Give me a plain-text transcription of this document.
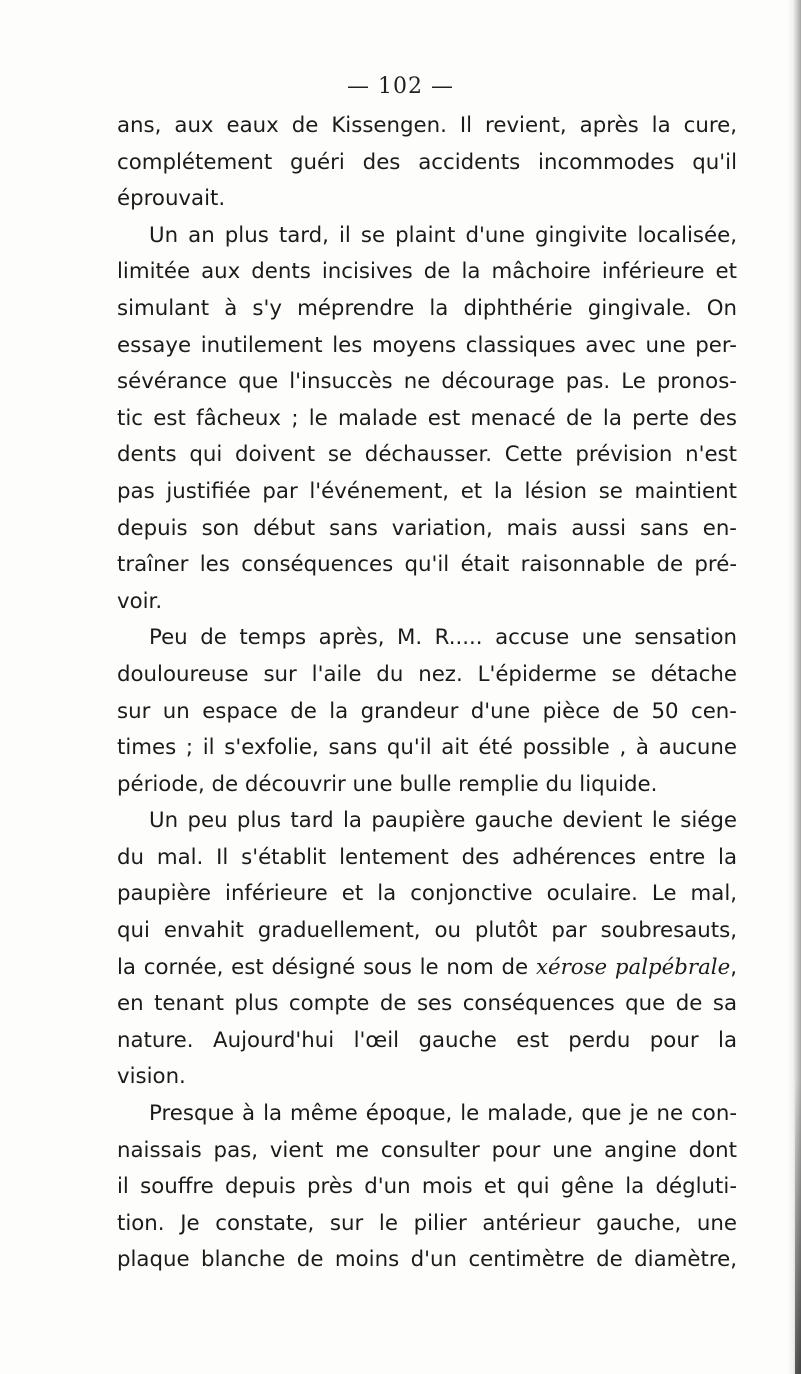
— 102 —
ans, aux eaux de Kissengen. Il revient, après la cure,
complétement guéri des accidents incommodes qu'il
éprouvait.
Un an plus tard, il se plaint d'une gingivite localisée,
limitée aux dents incisives de la mâchoire inférieure et
simulant à s'y méprendre la diphthérie gingivale. On
essaye inutilement les moyens classiques avec une per-
sévérance que l'insuccès ne décourage pas. Le pronos-
tic est fâcheux ; le malade est menacé de la perte des
dents qui doivent se déchausser. Cette prévision n'est
pas justifiée par l'événement, et la lésion se maintient
depuis son début sans variation, mais aussi sans en-
traîner les conséquences qu'il était raisonnable de pré-
voir.
Peu de temps après, M. R..... accuse une sensation
douloureuse sur l'aile du nez. L'épiderme se détache
sur un espace de la grandeur d'une pièce de 50 cen-
times ; il s'exfolie, sans qu'il ait été possible , à aucune
période, de découvrir une bulle remplie du liquide.
Un peu plus tard la paupière gauche devient le siége
du mal. Il s'établit lentement des adhérences entre la
paupière inférieure et la conjonctive oculaire. Le mal,
qui envahit graduellement, ou plutôt par soubresauts,
la cornée, est désigné sous le nom de xérose palpébrale,
en tenant plus compte de ses conséquences que de sa
nature. Aujourd'hui l'œil gauche est perdu pour la
vision.
Presque à la même époque, le malade, que je ne con-
naissais pas, vient me consulter pour une angine dont
il souffre depuis près d'un mois et qui gêne la dégluti-
tion. Je constate, sur le pilier antérieur gauche, une
plaque blanche de moins d'un centimètre de diamètre,
